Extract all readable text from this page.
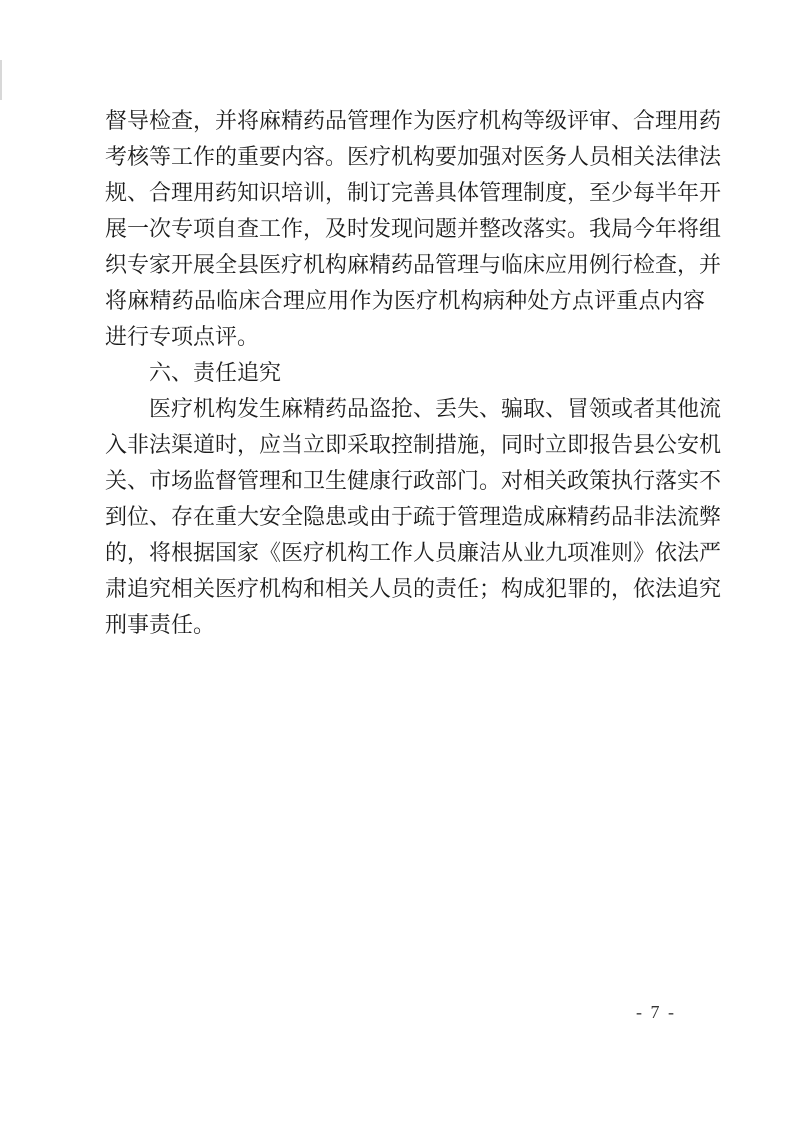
督导检查，并将麻精药品管理作为医疗机构等级评审、合理用药
考核等工作的重要内容。医疗机构要加强对医务人员相关法律法
规、合理用药知识培训，制订完善具体管理制度，至少每半年开
展一次专项自查工作，及时发现问题并整改落实。我局今年将组
织专家开展全县医疗机构麻精药品管理与临床应用例行检查，并
将麻精药品临床合理应用作为医疗机构病种处方点评重点内容
进行专项点评。
六、责任追究
医疗机构发生麻精药品盗抢、丢失、骗取、冒领或者其他流
入非法渠道时，应当立即采取控制措施，同时立即报告县公安机
关、市场监督管理和卫生健康行政部门。对相关政策执行落实不
到位、存在重大安全隐患或由于疏于管理造成麻精药品非法流弊
的，将根据国家《医疗机构工作人员廉洁从业九项准则》依法严
肃追究相关医疗机构和相关人员的责任；构成犯罪的，依法追究
刑事责任。
- 7 -
